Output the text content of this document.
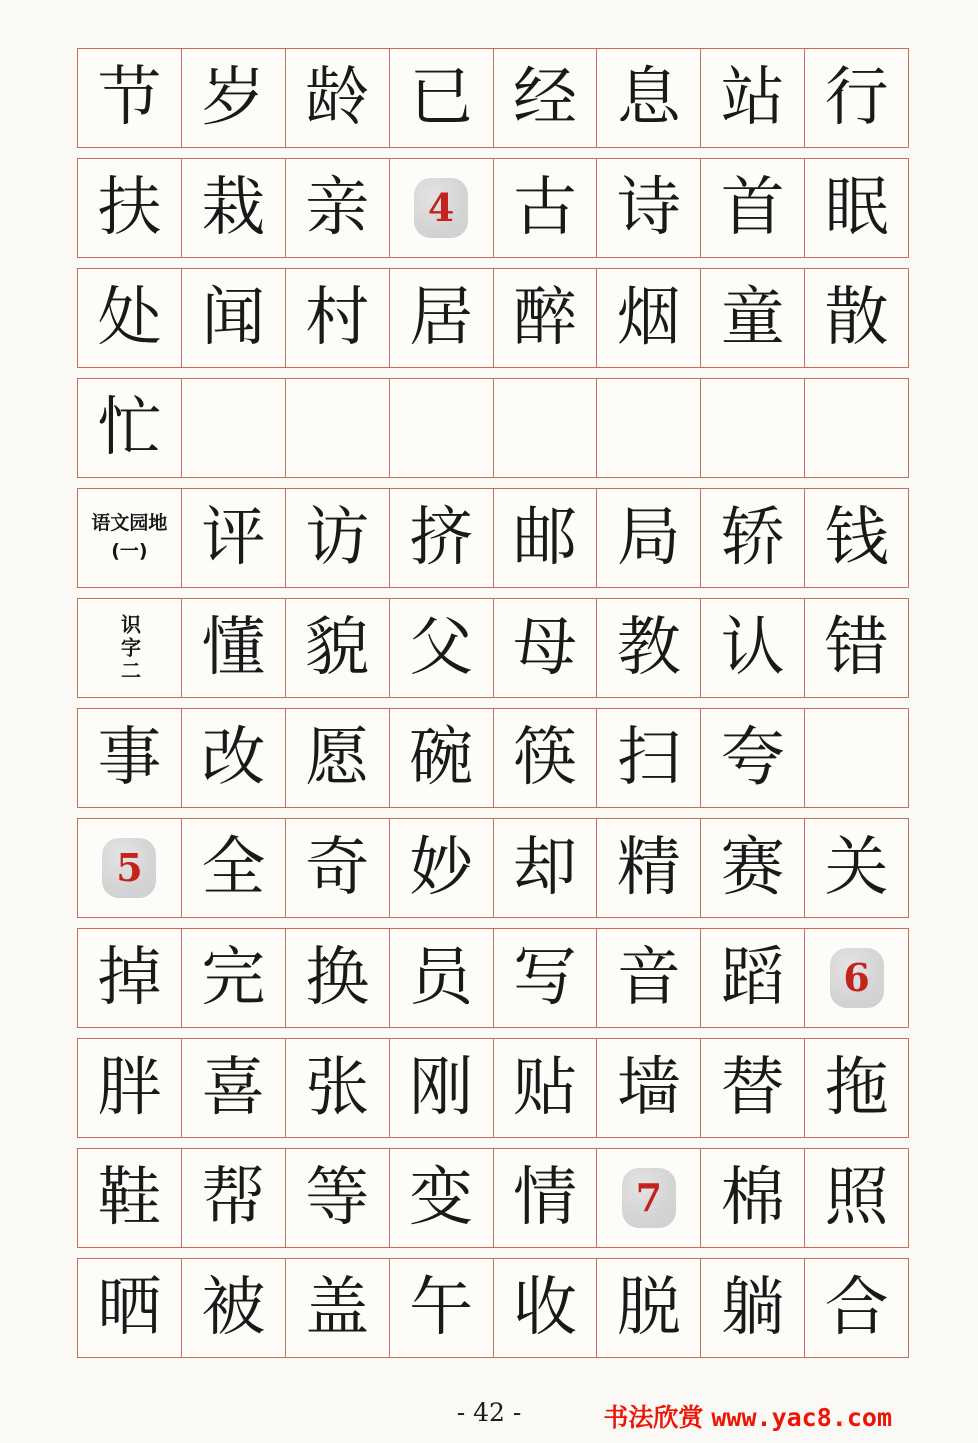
节 岁 龄 已 经 息 站 行
扶 栽 亲 4 古 诗 首 眠
处 闻 村 居 醉 烟 童 散
忙
语文园地
(一) 评 访 挤 邮 局 轿 钱
识字二 懂 貌 父 母 教 认 错
事 改 愿 碗 筷 扫 夸
5 全 奇 妙 却 精 赛 关
掉 完 换 员 写 音 蹈 6
胖 喜 张 刚 贴 墙 替 拖
鞋 帮 等 变 情 7 棉 照
晒 被 盖 午 收 脱 躺 合
- 42 -	书法欣赏 www.yac8.com
